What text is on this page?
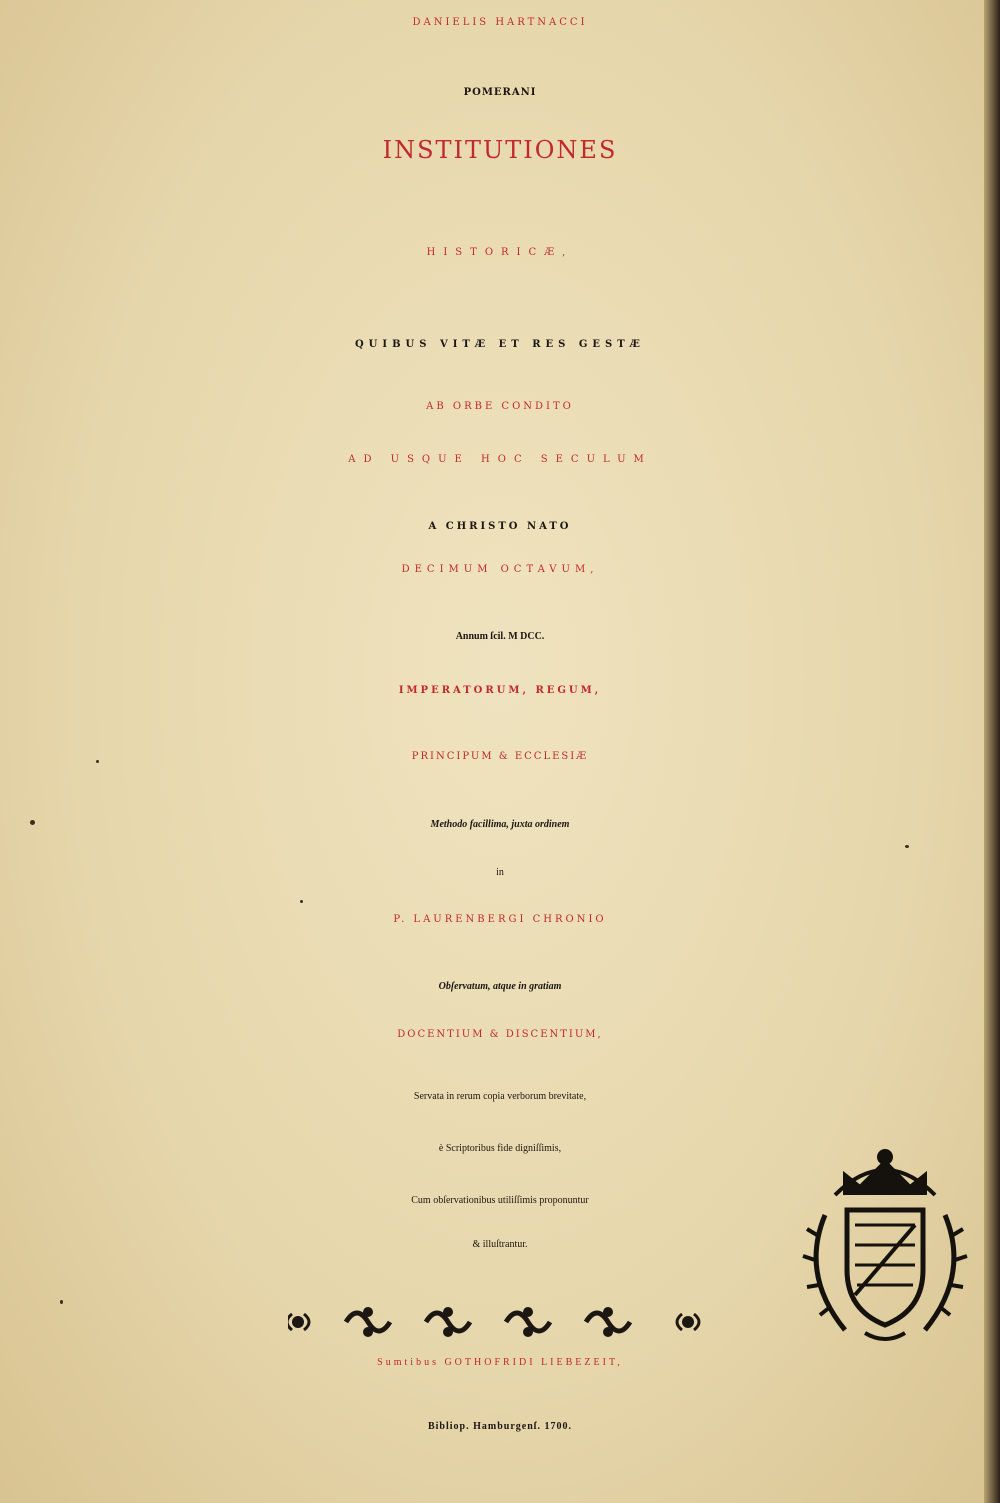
DANIELIS HARTNACCI
POMERANI
INSTITUTIONES
HISTORICÆ,
QUIBUS VITÆ ET RES GESTÆ
AB ORBE CONDITO
AD USQUE HOC SECULUM
A CHRISTO NATO
DECIMUM OCTAVUM,
Annum ſcil. M DCC.
IMPERATORUM, REGUM,
PRINCIPUM & ECCLESIÆ
Methodo facillima, juxta ordinem
in
P. LAURENBERGI CHRONIO
Obſervatum, atque in gratiam
DOCENTIUM & DISCENTIUM,
Servata in rerum copia verborum brevitate,
è Scriptoribus fide digniſſimis,
Cum obſervationibus utiliſſimis proponuntur
& illuſtrantur.
Sumtibus GOTHOFRIDI LIEBEZEIT,
Bibliop. Hamburgenſ. 1700.
